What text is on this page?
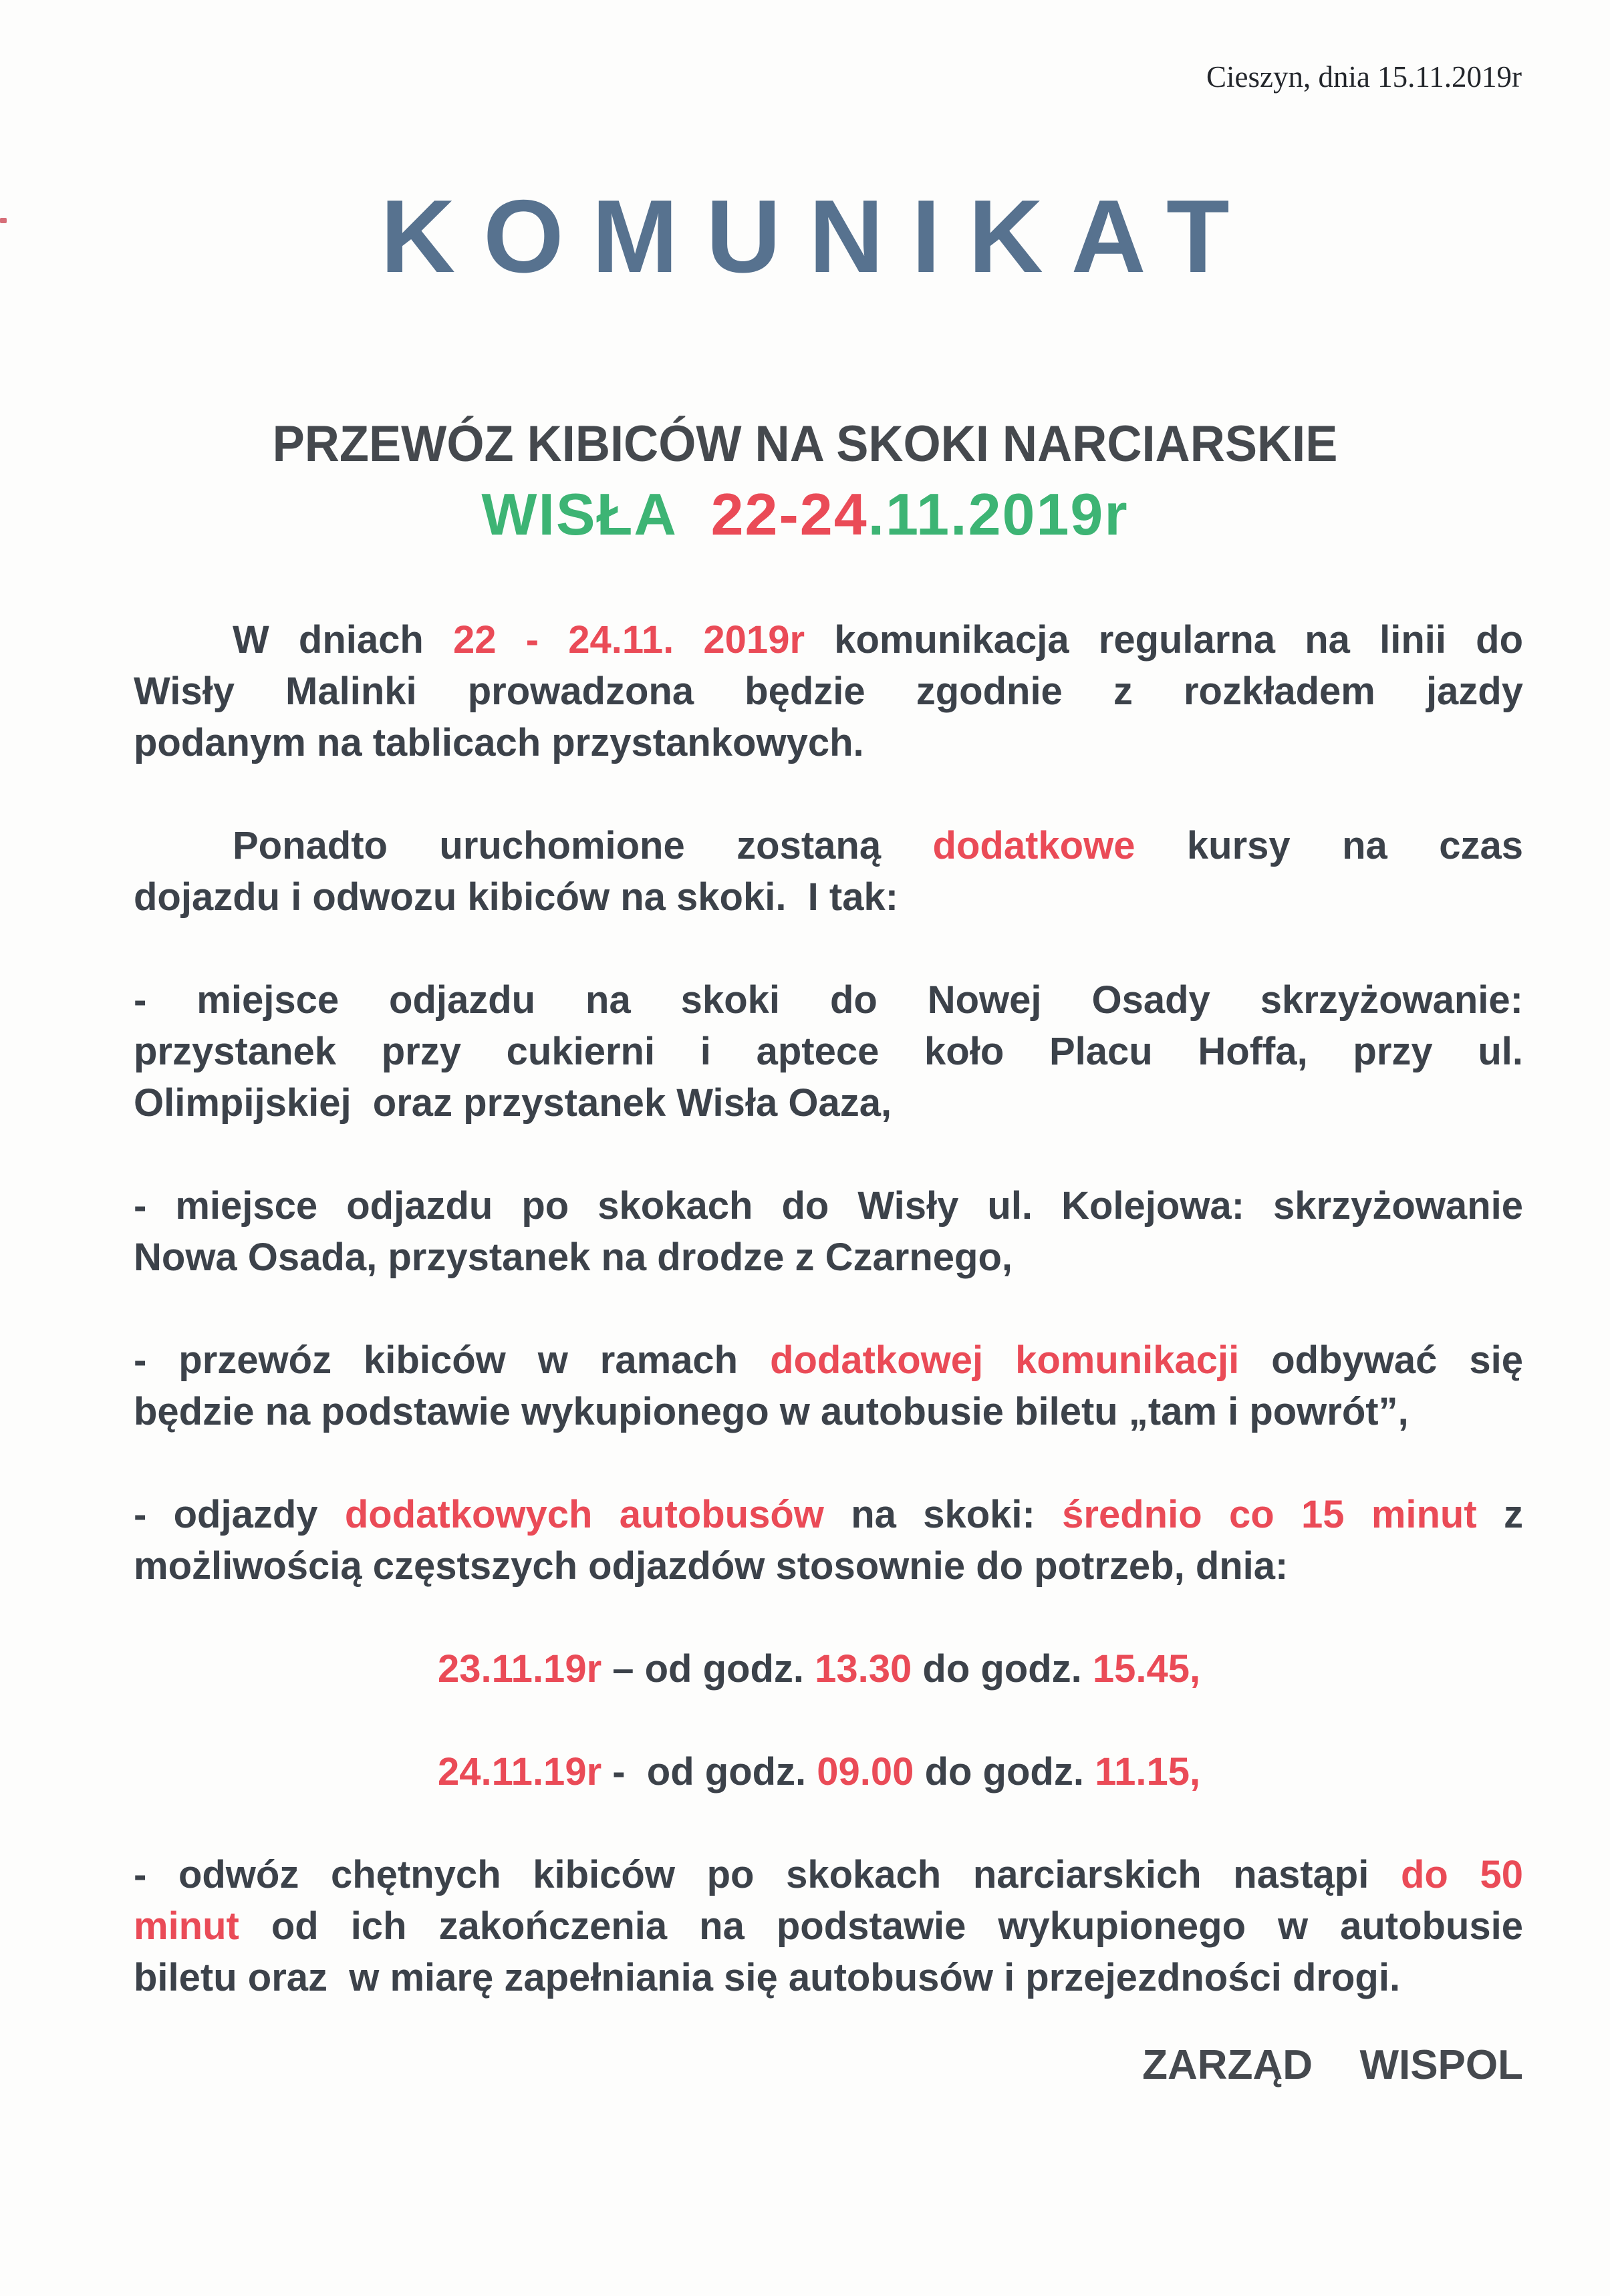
Cieszyn, dnia 15.11.2019r
KOMUNIKAT
PRZEWÓZ KIBICÓW NA SKOKI NARCIARSKIE
WISŁA  22-24.11.2019r
W dniach 22 - 24.11. 2019r komunikacja regularna na linii do
Wisły Malinki prowadzona będzie zgodnie z rozkładem jazdy
podanym na tablicach przystankowych.
Ponadto uruchomione zostaną dodatkowe kursy na czas
dojazdu i odwozu kibiców na skoki.  I tak:
- miejsce odjazdu na skoki do Nowej Osady skrzyżowanie:
przystanek przy cukierni i aptece koło Placu Hoffa, przy ul.
Olimpijskiej  oraz przystanek Wisła Oaza,
- miejsce odjazdu po skokach do Wisły ul. Kolejowa: skrzyżowanie
Nowa Osada, przystanek na drodze z Czarnego,
- przewóz kibiców w ramach dodatkowej komunikacji odbywać się
będzie na podstawie wykupionego w autobusie biletu „tam i powrót”,
- odjazdy dodatkowych autobusów na skoki: średnio co 15 minut z
możliwością częstszych odjazdów stosownie do potrzeb, dnia:
23.11.19r – od godz. 13.30 do godz. 15.45,
24.11.19r -  od godz. 09.00 do godz. 11.15,
- odwóz chętnych kibiców po skokach narciarskich nastąpi do 50
minut od ich zakończenia na podstawie wykupionego w autobusie
biletu oraz  w miarę zapełniania się autobusów i przejezdności drogi.
ZARZĄD  WISPOL
